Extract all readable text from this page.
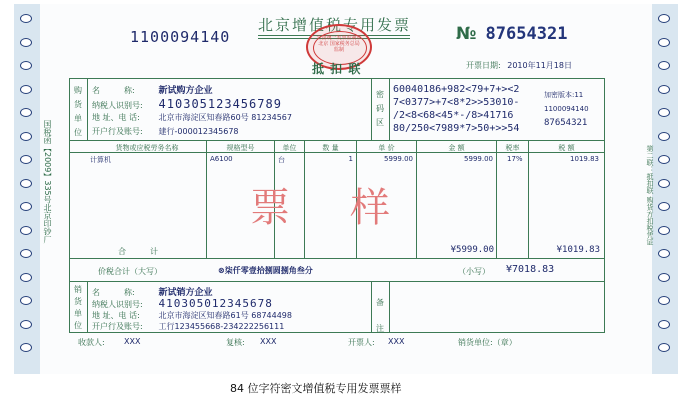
国税函【2009】335号北京印钞厂	第二联：抵扣联 购货方扣税凭证
1100094140
北京增值税专用发票
全国统一发票监制章 北京 国家税务总局监制
抵 扣 联
№ 87654321
开票日期: 2010年11月18日
购货单位
名　　　称:	新试购方企业
纳税人识别号: 410305123456789
地 址、电 话: 北京市海淀区知春路60号 81234567
开户行及账号: 建行-000012345678
密码区
60040186+982<79+7+><2
7<0377>+7<8*2>>53010-
/2<8<68<45*-/8>41716
80/250<7989*7>50+>>54
加密版本:11
1100094140
87654321
货物或应税劳务名称	规格型号	单位	数 量	单 价	金 额	税率	税 额
计算机	A6100	台	1	5999.00	5999.00 17%	1019.83
票　样
合　　　计	¥5999.00	¥1019.83
价税合计（大写）	⊗柒仟零壹拾捌圆捌角叁分	（小写） ¥7018.83
销货单位
名　　　称:	新试销方企业
纳税人识别号: 410305012345678
地 址、电 话: 北京市海淀区知春路61号 68744498
开户行及账号: 工行123455668-234222256111
备注
收款人: XXX	复核: XXX	开票人: XXX	销货单位:（章）
84 位字符密文增值税专用发票票样
